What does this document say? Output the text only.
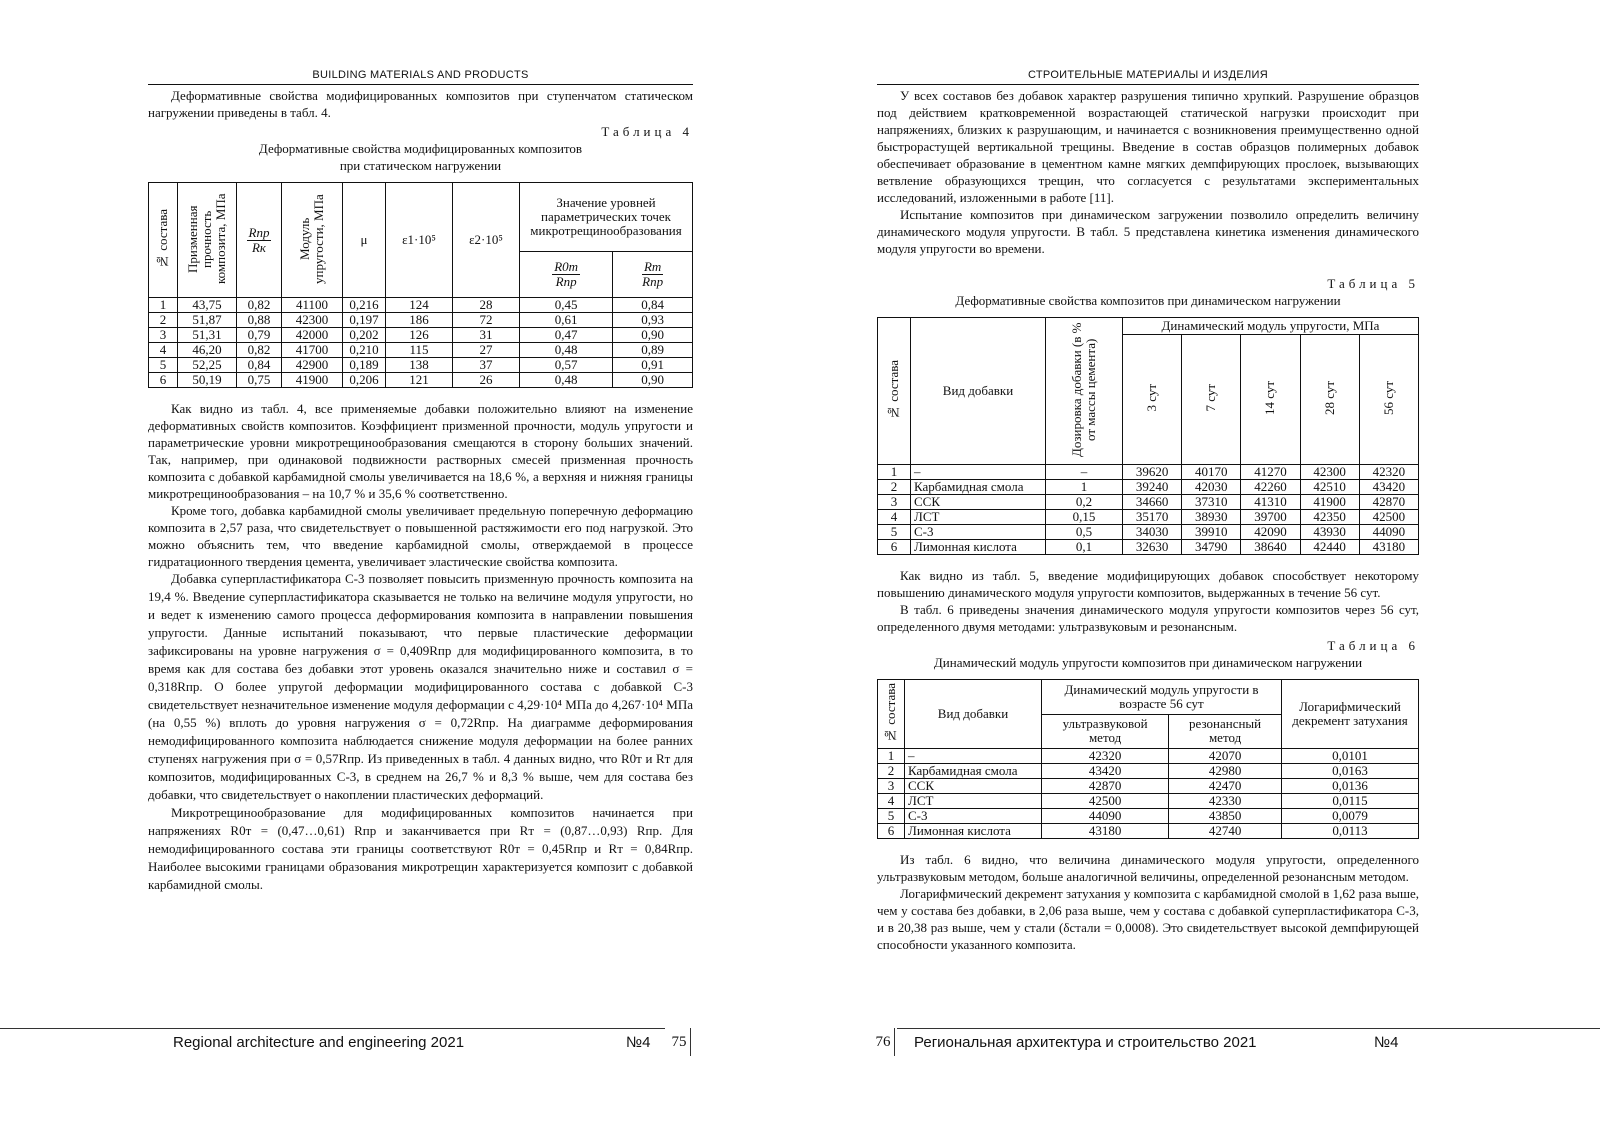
BUILDING MATERIALS AND PRODUCTS

Деформативные свойства модифицированных композитов при ступенчатом статическом нагружении приведены в табл. 4.

Таблица 4
Деформативные свойства модифицированных композитов
при статическом нагружении
№ состава	Призменная прочность композита, МПа	$\frac{\text{Rпр}}{Rк}$	Модуль упругости, МПа	μ	ε1·10⁵	ε2·10⁵	Значение уровней параметрических точек микротрещинообразования	

							$\frac{R0т}{\text{Rпр}}$	$\frac{Rт}{\text{Rпр}}$

1	43,75	0,82	41100	0,216	124	28	0,45	0,84
2	51,87	0,88	42300	0,197	186	72	0,61	0,93
3	51,31	0,79	42000	0,202	126	31	0,47	0,90
4	46,20	0,82	41700	0,210	115	27	0,48	0,89
5	52,25	0,84	42900	0,189	138	37	0,57	0,91
6	50,19	0,75	41900	0,206	121	26	0,48	0,90

Как видно из табл. 4, все применяемые добавки положительно влияют на изменение деформативных свойств композитов. Коэффициент призменной прочности, модуль упругости и параметрические уровни микротрещинообразования смещаются в сторону больших значений. Так, например, при одинаковой подвижности растворных смесей призменная прочность композита с добавкой карбамидной смолы увеличивается на 18,6 %, а верхняя и нижняя границы микротрещинообразования – на 10,7 % и 35,6 % соответственно.

Кроме того, добавка карбамидной смолы увеличивает предельную поперечную деформацию композита в 2,57 раза, что свидетельствует о повышенной растяжимости его под нагрузкой. Это можно объяснить тем, что введение карбамидной смолы, отверждаемой в процессе гидратационного твердения цемента, увеличивает эластические свойства композита.

Добавка суперпластификатора С-3 позволяет повысить призменную прочность композита на 19,4 %. Введение суперпластификатора сказывается не только на величине модуля упругости, но и ведет к изменению самого процесса деформирования композита в направлении повышения упругости. Данные испытаний показывают, что первые пластические деформации зафиксированы на уровне нагружения σ = 0,409Rпр для модифицированного композита, в то время как для состава без добавки этот уровень оказался значительно ниже и составил σ = 0,318Rпр. О более упругой деформации модифицированного состава с добавкой С-3 свидетельствует незначительное изменение модуля деформации с 4,29·10⁴ МПа до 4,267·10⁴ МПа (на 0,55 %) вплоть до уровня нагружения σ = 0,72Rпр. На диаграмме деформирования немодифицированного композита наблюдается снижение модуля деформации на более ранних ступенях нагружения при σ = 0,57Rпр. Из приведенных в табл. 4 данных видно, что R0т и Rт для композитов, модифицированных С-3, в среднем на 26,7 % и 8,3 % выше, чем для состава без добавки, что свидетельствует о накоплении пластических деформаций.

Микротрещинообразование для модифицированных композитов начинается при напряжениях R0т = (0,47…0,61) Rпр и заканчивается при Rт = (0,87…0,93) Rпр. Для немодифицированного состава эти границы соответствуют R0т = 0,45Rпр и Rт = 0,84Rпр. Наиболее высокими границами образования микротрещин характеризуется композит с добавкой карбамидной смолы.

Regional architecture and engineering 2021	№4 75
СТРОИТЕЛЬНЫЕ МАТЕРИАЛЫ И ИЗДЕЛИЯ

У всех составов без добавок характер разрушения типично хрупкий. Разрушение образцов под действием кратковременной возрастающей статической нагрузки происходит при напряжениях, близких к разрушающим, и начинается с возникновения преимущественно одной быстрорастущей вертикальной трещины. Введение в состав образцов полимерных добавок обеспечивает образование в цементном камне мягких демпфирующих прослоек, вызывающих ветвление образующихся трещин, что согласуется с результатами экспериментальных исследований, изложенными в работе [11].

Испытание композитов при динамическом загружении позволило определить величину динамического модуля упругости. В табл. 5 представлена кинетика изменения динамического модуля упругости во времени.

Таблица 5
Деформативные свойства композитов при динамическом нагружении
№ состава	Вид добавки	Дозировка добавки (в % от массы цемента)	Динамический модуль упругости, МПа				
			3 сут	7 сут	14 сут	28 сут	56 сут
1	–	–	39620	40170	41270	42300	42320
2	Карбамидная смола	1	39240	42030	42260	42510	43420
3	ССК	0,2	34660	37310	41310	41900	42870
4	ЛСТ	0,15	35170	38930	39700	42350	42500
5	С-3	0,5	34030	39910	42090	43930	44090
6	Лимонная кислота	0,1	32630	34790	38640	42440	43180

Как видно из табл. 5, введение модифицирующих добавок способствует некоторому повышению динамического модуля упругости композитов, выдержанных в течение 56 сут.

В табл. 6 приведены значения динамического модуля упругости композитов через 56 сут, определенного двумя методами: ультразвуковым и резонансным.

Таблица 6
Динамический модуль упругости композитов при динамическом нагружении
№ состава	Вид добавки	Динамический модуль упругости в возрасте 56 сут		Логарифмический декремент затухания
		ультразвуковой метод	резонансный метод	
1	–	42320	42070	0,0101
2	Карбамидная смола	43420	42980	0,0163
3	ССК	42870	42470	0,0136
4	ЛСТ	42500	42330	0,0115
5	С-3	44090	43850	0,0079
6	Лимонная кислота	43180	42740	0,0113

Из табл. 6 видно, что величина динамического модуля упругости, определенного ультразвуковым методом, больше аналогичной величины, определенной резонансным методом.

Логарифмический декремент затухания у композита с карбамидной смолой в 1,62 раза выше, чем у состава без добавки, в 2,06 раза выше, чем у состава с добавкой суперпластификатора С-3, и в 20,38 раз выше, чем у стали (δстали = 0,0008). Это свидетельствует высокой демпфирующей способности указанного композита.

76	Региональная архитектура и строительство 2021	№4
